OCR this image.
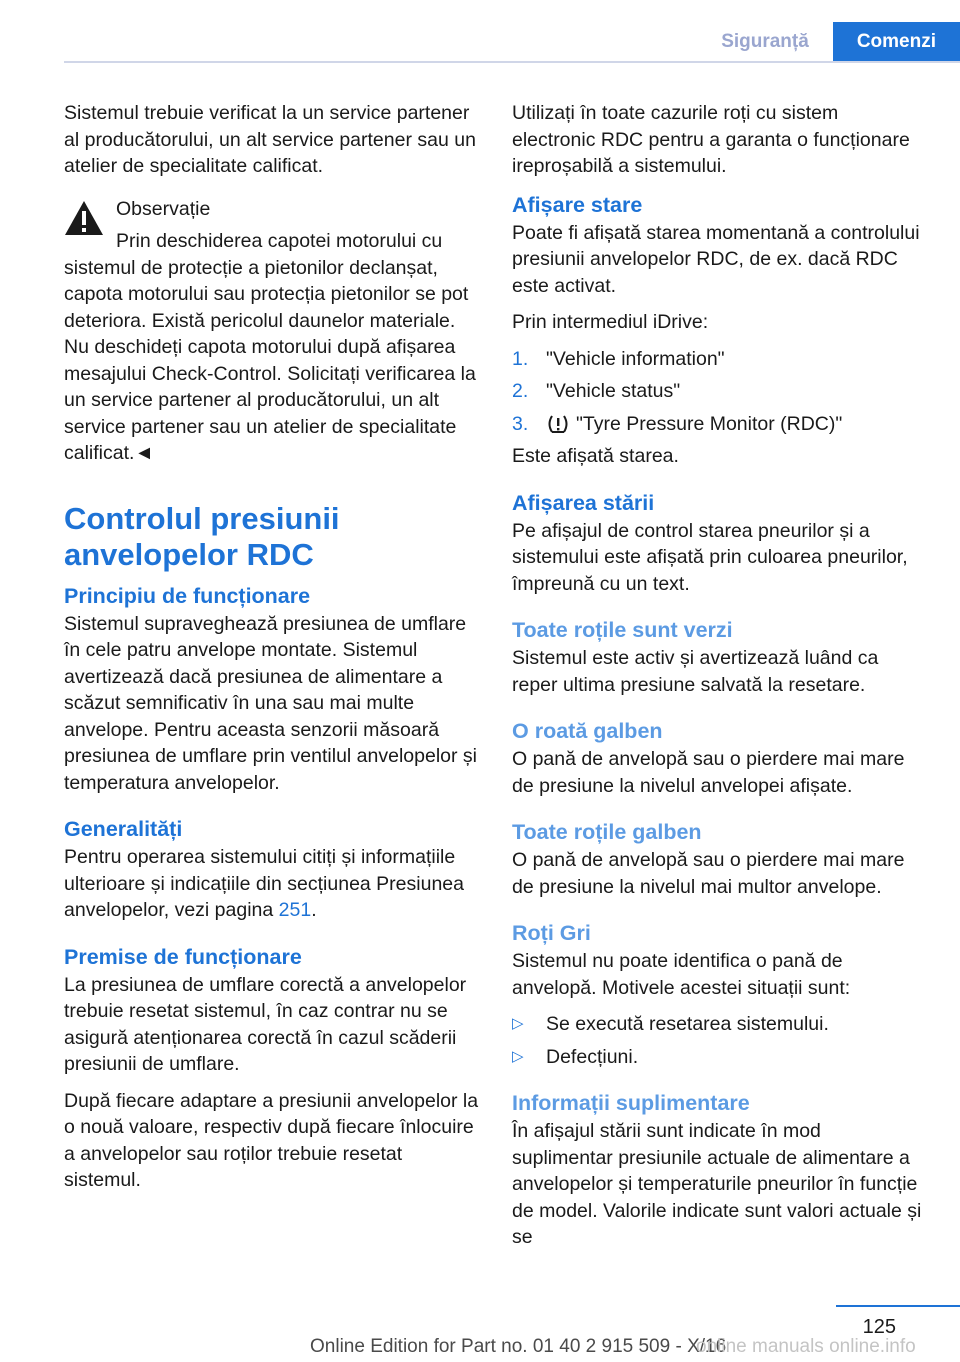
Siguranță	Comenzi

Sistemul trebuie verificat la un service partener al producătorului, un alt service partener sau un atelier de specialitate calificat.

Observație

Prin deschiderea capotei motorului cu sistemul de protecție a pietonilor declanșat, capota motorului sau protecția pietonilor se pot deteriora. Există pericolul daunelor materiale. Nu deschideți capota motorului după afișarea mesajului Check-Control. Solicitați verificarea la un service partener al producătorului, un alt service partener sau un atelier de specialitate calificat.◄

Controlul presiunii anvelopelor RDC
Principiu de funcționare

Sistemul supraveghează presiunea de umflare în cele patru anvelope montate. Sistemul avertizează dacă presiunea de alimentare a scăzut semnificativ în una sau mai multe anvelope. Pentru aceasta senzorii măsoară presiunea de umflare prin ventilul anvelopelor și temperatura anvelopelor.

Generalități

Pentru operarea sistemului citiți și informațiile ulterioare și indicațiile din secțiunea Presiunea anvelopelor, vezi pagina 251.

Premise de funcționare

La presiunea de umflare corectă a anvelopelor trebuie resetat sistemul, în caz contrar nu se asigură atenționarea corectă în cazul scăderii presiunii de umflare.

După fiecare adaptare a presiunii anvelopelor la o nouă valoare, respectiv după fiecare înlocuire a anvelopelor sau roților trebuie resetat sistemul.

Utilizați în toate cazurile roți cu sistem electronic RDC pentru a garanta o funcționare ireproșabilă a sistemului.

Afișare stare

Poate fi afișată starea momentană a controlului presiunii anvelopelor RDC, de ex. dacă RDC este activat.

Prin intermediul iDrive:

1. "Vehicle information"
2. "Vehicle status"
3. "Tyre Pressure Monitor (RDC)"

Este afișată starea.

Afișarea stării

Pe afișajul de control starea pneurilor și a sistemului este afișată prin culoarea pneurilor, împreună cu un text.

Toate roțile sunt verzi

Sistemul este activ și avertizează luând ca reper ultima presiune salvată la resetare.

O roată galben

O pană de anvelopă sau o pierdere mai mare de presiune la nivelul anvelopei afișate.

Toate roțile galben

O pană de anvelopă sau o pierdere mai mare de presiune la nivelul mai multor anvelope.

Roți Gri

Sistemul nu poate identifica o pană de anvelopă. Motivele acestei situații sunt:

▷ Se execută resetarea sistemului.
▷ Defecțiuni.
Informații suplimentare

În afișajul stării sunt indicate în mod suplimentar presiunile actuale de alimentare a anvelopelor și temperaturile pneurilor în funcție de model. Valorile indicate sunt valori actuale și se

125
Online Edition for Part no. 01 40 2 915 509 - X/16
online manuals online.info
